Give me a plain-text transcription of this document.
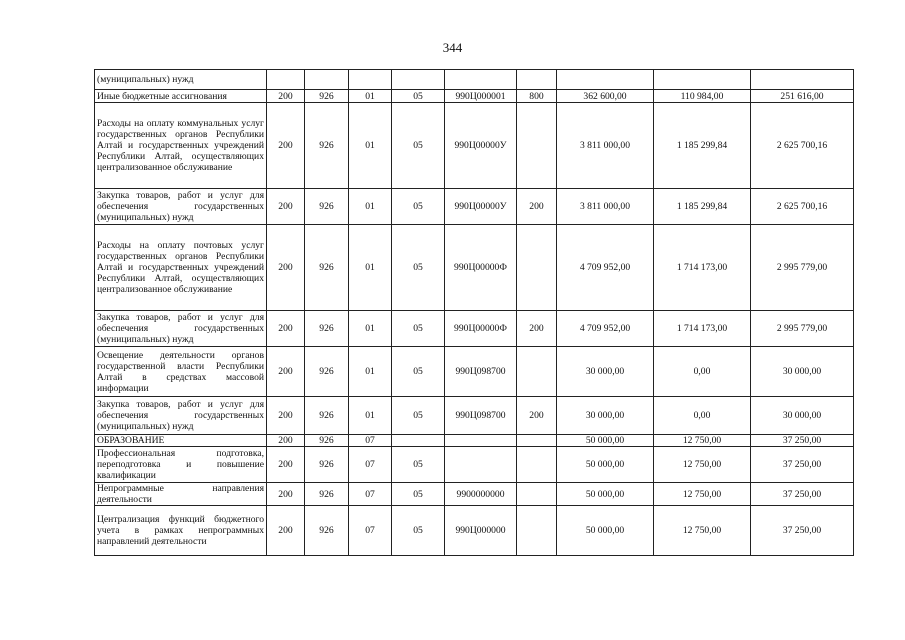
344
(муниципальных) нужд									
Иные бюджетные ассигнования	200	926	01	05	990Ц000001	800	362 600,00	110 984,00	251 616,00
Расходы на оплату коммунальных услуг государственных органов Республики Алтай и государственных учреждений Республики Алтай, осуществляющих централизованное обслуживание	200	926	01	05	990Ц00000У		3 811 000,00	1 185 299,84	2 625 700,16
Закупка товаров, работ и услуг для обеспечения государственных (муниципальных) нужд	200	926	01	05	990Ц00000У	200	3 811 000,00	1 185 299,84	2 625 700,16
Расходы на оплату почтовых услуг государственных органов Республики Алтай и государственных учреждений Республики Алтай, осуществляющих централизованное обслуживание	200	926	01	05	990Ц00000Ф		4 709 952,00	1 714 173,00	2 995 779,00
Закупка товаров, работ и услуг для обеспечения государственных (муниципальных) нужд	200	926	01	05	990Ц00000Ф	200	4 709 952,00	1 714 173,00	2 995 779,00
Освещение деятельности органов государственной власти Республики Алтай в средствах массовой информации	200	926	01	05	990Ц098700		30 000,00	0,00	30 000,00
Закупка товаров, работ и услуг для обеспечения государственных (муниципальных) нужд	200	926	01	05	990Ц098700	200	30 000,00	0,00	30 000,00
ОБРАЗОВАНИЕ	200	926	07				50 000,00	12 750,00	37 250,00
Профессиональная подготовка, переподготовка и повышение квалификации	200	926	07	05			50 000,00	12 750,00	37 250,00
Непрограммные направления деятельности	200	926	07	05	9900000000		50 000,00	12 750,00	37 250,00
Централизация функций бюджетного учета в рамках непрограммных направлений деятельности	200	926	07	05	990Ц000000		50 000,00	12 750,00	37 250,00
